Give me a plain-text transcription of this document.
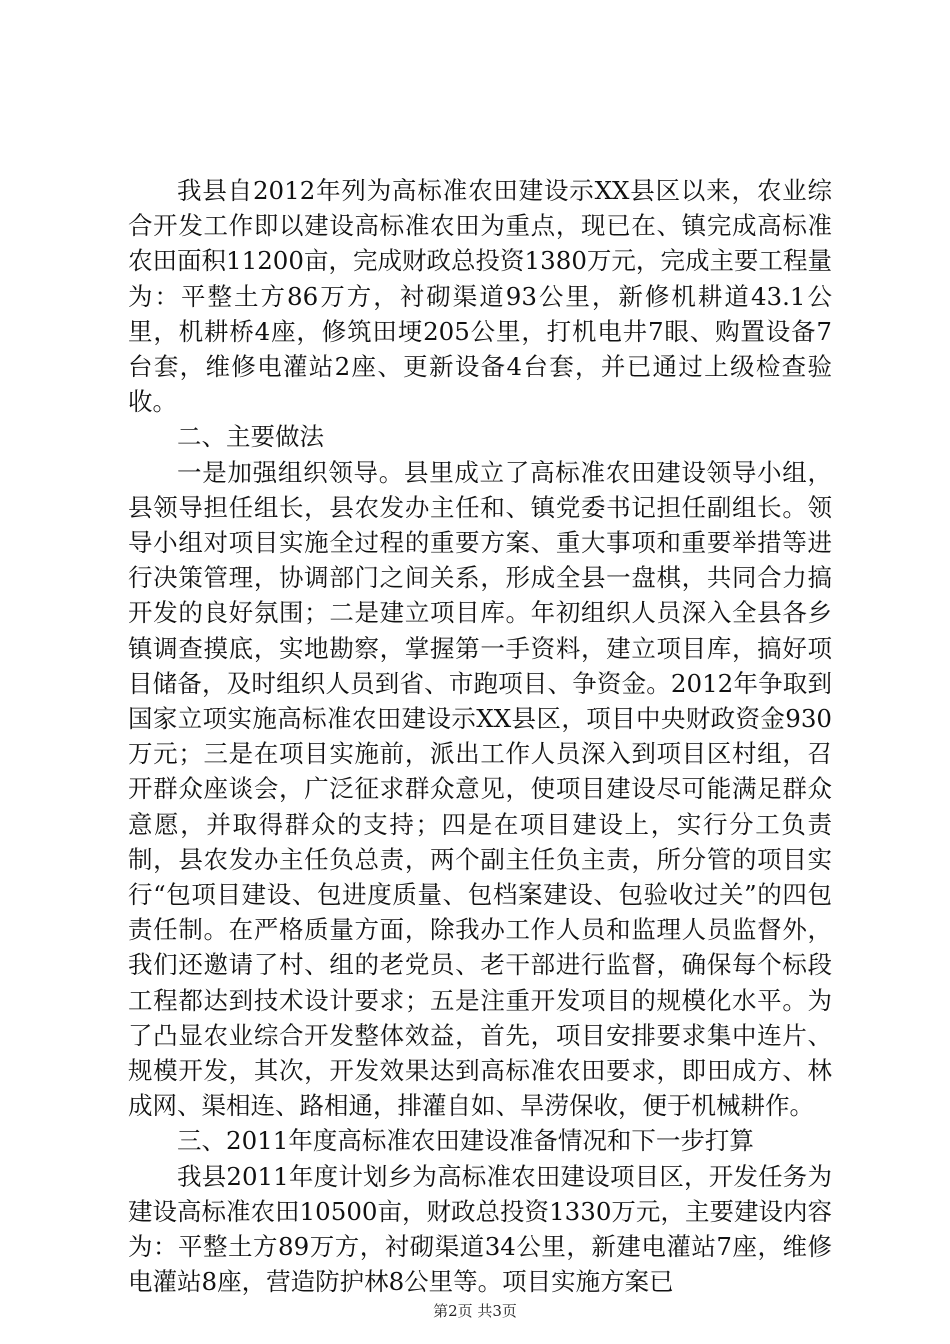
我县自2012年列为高标准农田建设示XX县区以来，农业综合开发工作即以建设高标准农田为重点，现已在、镇完成高标准农田面积11200亩，完成财政总投资1380万元，完成主要工程量为：平整土方86万方，衬砌渠道93公里，新修机耕道43.1公里，机耕桥4座，修筑田埂205公里，打机电井7眼、购置设备7台套，维修电灌站2座、更新设备4台套，并已通过上级检查验收。

二、主要做法

一是加强组织领导。县里成立了高标准农田建设领导小组，县领导担任组长，县农发办主任和、镇党委书记担任副组长。领导小组对项目实施全过程的重要方案、重大事项和重要举措等进行决策管理，协调部门之间关系，形成全县一盘棋，共同合力搞开发的良好氛围；二是建立项目库。年初组织人员深入全县各乡镇调查摸底，实地勘察，掌握第一手资料，建立项目库，搞好项目储备，及时组织人员到省、市跑项目、争资金。2012年争取到国家立项实施高标准农田建设示XX县区，项目中央财政资金930万元；三是在项目实施前，派出工作人员深入到项目区村组，召开群众座谈会，广泛征求群众意见，使项目建设尽可能满足群众意愿，并取得群众的支持；四是在项目建设上，实行分工负责制，县农发办主任负总责，两个副主任负主责，所分管的项目实行“包项目建设、包进度质量、包档案建设、包验收过关”的四包责任制。在严格质量方面，除我办工作人员和监理人员监督外，我们还邀请了村、组的老党员、老干部进行监督，确保每个标段工程都达到技术设计要求；五是注重开发项目的规模化水平。为了凸显农业综合开发整体效益，首先，项目安排要求集中连片、规模开发，其次，开发效果达到高标准农田要求，即田成方、林成网、渠相连、路相通，排灌自如、旱涝保收，便于机械耕作。

三、2011年度高标准农田建设准备情况和下一步打算

我县2011年度计划乡为高标准农田建设项目区，开发任务为建设高标准农田10500亩，财政总投资1330万元，主要建设内容为：平整土方89万方，衬砌渠道34公里，新建电灌站7座，维修电灌站8座，营造防护林8公里等。项目实施方案已

第2页 共3页
